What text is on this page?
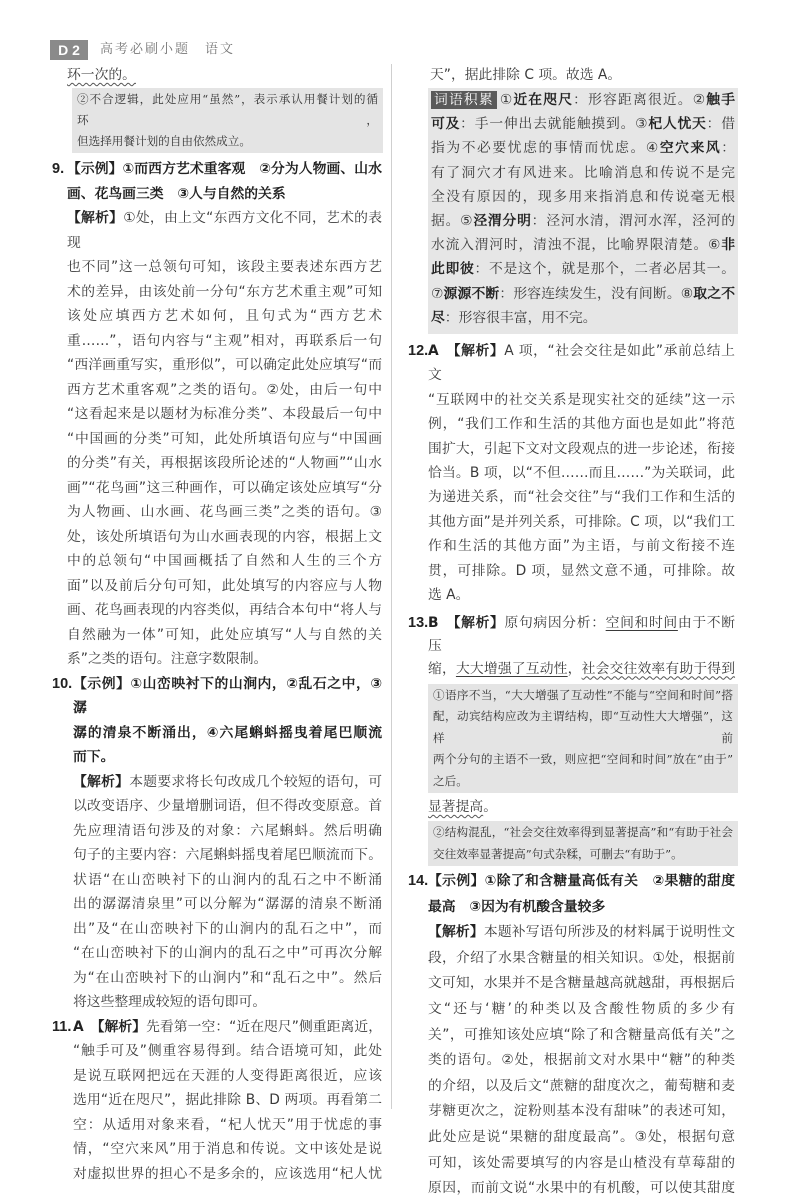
D 2	高考必刷小题　语文
环一次的。
②不合逻辑，此处应用“虽然”，表示承认用餐计划的循环，
但选择用餐计划的自由依然成立。
【示例】①而西方艺术重客观　②分为人物画、山水
画、花鸟画三类　③人与自然的关系
【解析】①处，由上文“东西方文化不同，艺术的表现
也不同”这一总领句可知，该段主要表述东西方艺
术的差异，由该处前一分句“东方艺术重主观”可知
该处应填西方艺术如何，且句式为“西方艺术
重……”，语句内容与“主观”相对，再联系后一句
“西洋画重写实，重形似”，可以确定此处应填写“而
西方艺术重客观”之类的语句。②处，由后一句中
“这看起来是以题材为标准分类”、本段最后一句中
“中国画的分类”可知，此处所填语句应与“中国画
的分类”有关，再根据该段所论述的“人物画”“山水
画”“花鸟画”这三种画作，可以确定该处应填写“分
为人物画、山水画、花鸟画三类”之类的语句。③
处，该处所填语句为山水画表现的内容，根据上文
中的总领句“中国画概括了自然和人生的三个方
面”以及前后分句可知，此处填写的内容应与人物
画、花鸟画表现的内容类似，再结合本句中“将人与
自然融为一体”可知，此处应填写“人与自然的关
系”之类的语句。注意字数限制。
9.
【示例】①山峦映衬下的山涧内，②乱石之中，③潺
潺的清泉不断涌出，④六尾蝌蚪摇曳着尾巴顺流
而下。
【解析】本题要求将长句改成几个较短的语句，可
以改变语序、少量增删词语，但不得改变原意。首
先应理清语句涉及的对象：六尾蝌蚪。然后明确
句子的主要内容：六尾蝌蚪摇曳着尾巴顺流而下。
状语“在山峦映衬下的山涧内的乱石之中不断涌
出的潺潺清泉里”可以分解为“潺潺的清泉不断涌
出”及“在山峦映衬下的山涧内的乱石之中”，而
“在山峦映衬下的山涧内的乱石之中”可再次分解
为“在山峦映衬下的山涧内”和“乱石之中”。然后
将这些整理成较短的语句即可。
10.
A　【解析】先看第一空：“近在咫尺”侧重距离近，
“触手可及”侧重容易得到。结合语境可知，此处
是说互联网把远在天涯的人变得距离很近，应该
选用“近在咫尺”，据此排除 B、D 两项。再看第二
空：从适用对象来看，“杞人忧天”用于忧虑的事
情，“空穴来风”用于消息和传说。文中该处是说
对虚拟世界的担心不是多余的，应该选用“杞人忧
11.
天”，据此排除 C 项。故选 A。
词语积累 ①近在咫尺：形容距离很近。②触手
可及：手一伸出去就能触摸到。③杞人忧天：借
指为不必要忧虑的事情而忧虑。④空穴来风：
有了洞穴才有风进来。比喻消息和传说不是完
全没有原因的，现多用来指消息和传说毫无根
据。⑤泾渭分明：泾河水清，渭河水浑，泾河的
水流入渭河时，清浊不混，比喻界限清楚。⑥非
此即彼：不是这个，就是那个，二者必居其一。
⑦源源不断：形容连续发生，没有间断。⑧取之不
尽：形容很丰富，用不完。
A　【解析】A 项，“社会交往是如此”承前总结上文
“互联网中的社交关系是现实社交的延续”这一示
例，“我们工作和生活的其他方面也是如此”将范
围扩大，引起下文对文段观点的进一步论述，衔接
恰当。B 项，以“不但……而且……”为关联词，此
为递进关系，而“社会交往”与“我们工作和生活的
其他方面”是并列关系，可排除。C 项，以“我们工
作和生活的其他方面”为主语，与前文衔接不连
贯，可排除。D 项，显然文意不通，可排除。故
选 A。
12.
B　【解析】原句病因分析：空间和时间由于不断压
缩，大大增强了互动性，社会交往效率有助于得到
13.
①语序不当，“大大增强了互动性”不能与“空间和时间”搭
配，动宾结构应改为主谓结构，即“互动性大大增强”，这样前
两个分句的主语不一致，则应把“空间和时间”放在“由于”
之后。
显著提高。
②结构混乱，“社会交往效率得到显著提高”和“有助于社会
交往效率显著提高”句式杂糅，可删去“有助于”。
【示例】①除了和含糖量高低有关　②果糖的甜度
最高　③因为有机酸含量较多
【解析】本题补写语句所涉及的材料属于说明性文
段，介绍了水果含糖量的相关知识。①处，根据前
文可知，水果并不是含糖量越高就越甜，再根据后
文“还与‘糖’的种类以及含酸性物质的多少有
关”，可推知该处应填“除了和含糖量高低有关”之
类的语句。②处，根据前文对水果中“糖”的种类
的介绍，以及后文“蔗糖的甜度次之，葡萄糖和麦
芽糖更次之，淀粉则基本没有甜味”的表述可知，
此处应是说“果糖的甜度最高”。③处，根据句意
可知，该处需要填写的内容是山楂没有草莓甜的
原因，而前文说“水果中的有机酸，可以使其甜度
14.
